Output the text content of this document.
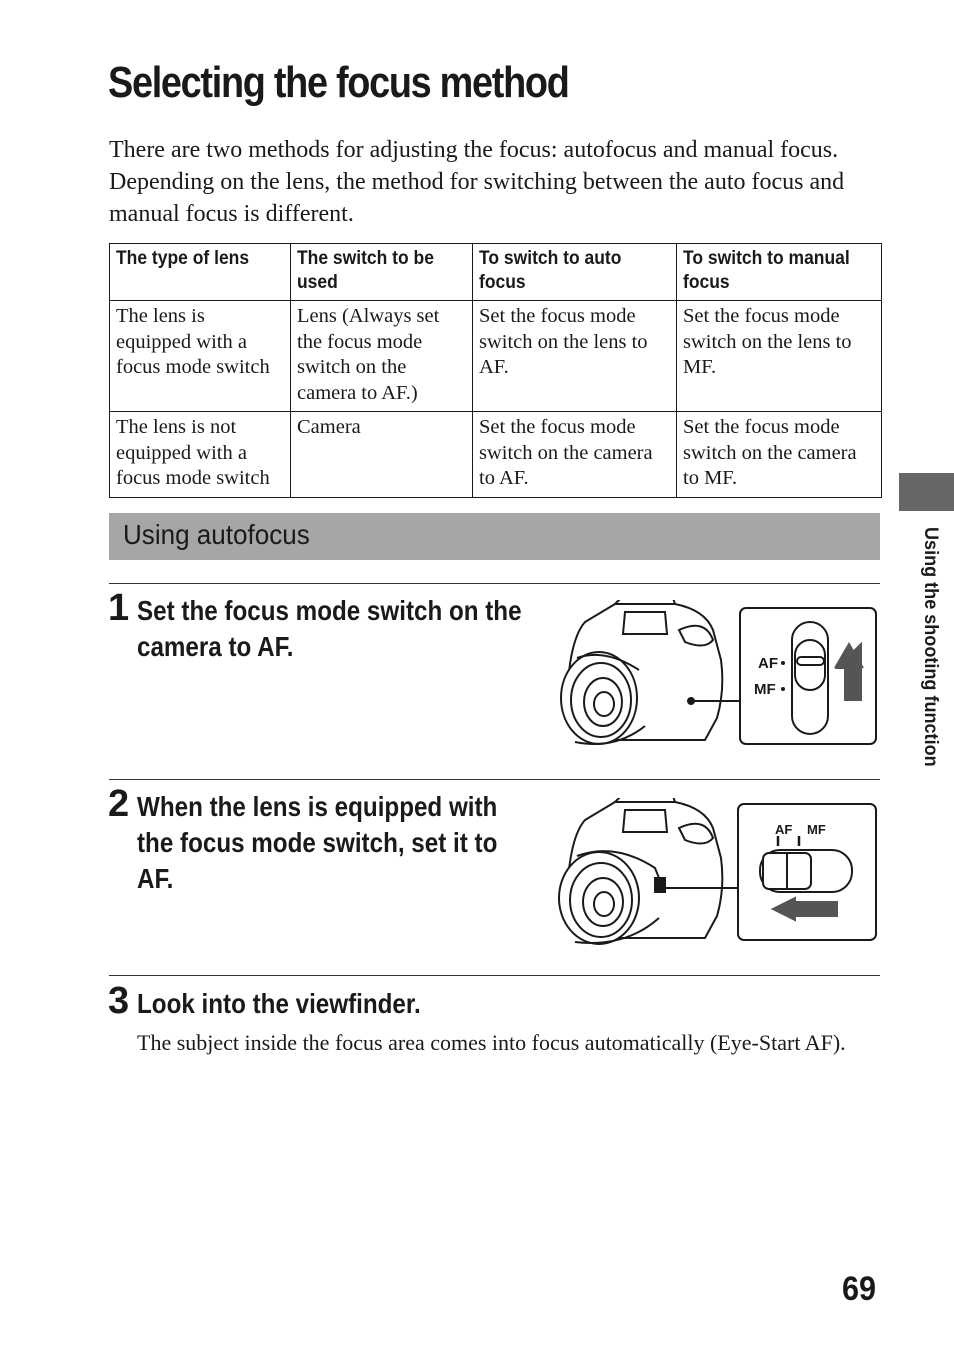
Selecting the focus method

There are two methods for adjusting the focus: autofocus and manual focus. Depending on the lens, the method for switching between the auto focus and manual focus is different.

The type of lens	The switch to be used	To switch to auto focus	To switch to manual focus
The lens is equipped with a focus mode switch	Lens (Always set the focus mode switch on the camera to AF.)	Set the focus mode switch on the lens to AF.	Set the focus mode switch on the lens to MF.
The lens is not equipped with a focus mode switch	Camera	Set the focus mode switch on the camera to AF.	Set the focus mode switch on the camera to MF.
Using autofocus
1 Set the focus mode switch on the camera to AF.
AF
MF
2 When the lens is equipped with the focus mode switch, set it to AF.
AF MF
3 Look into the viewfinder.

The subject inside the focus area comes into focus automatically (Eye-Start AF).

Using the shooting function
69
